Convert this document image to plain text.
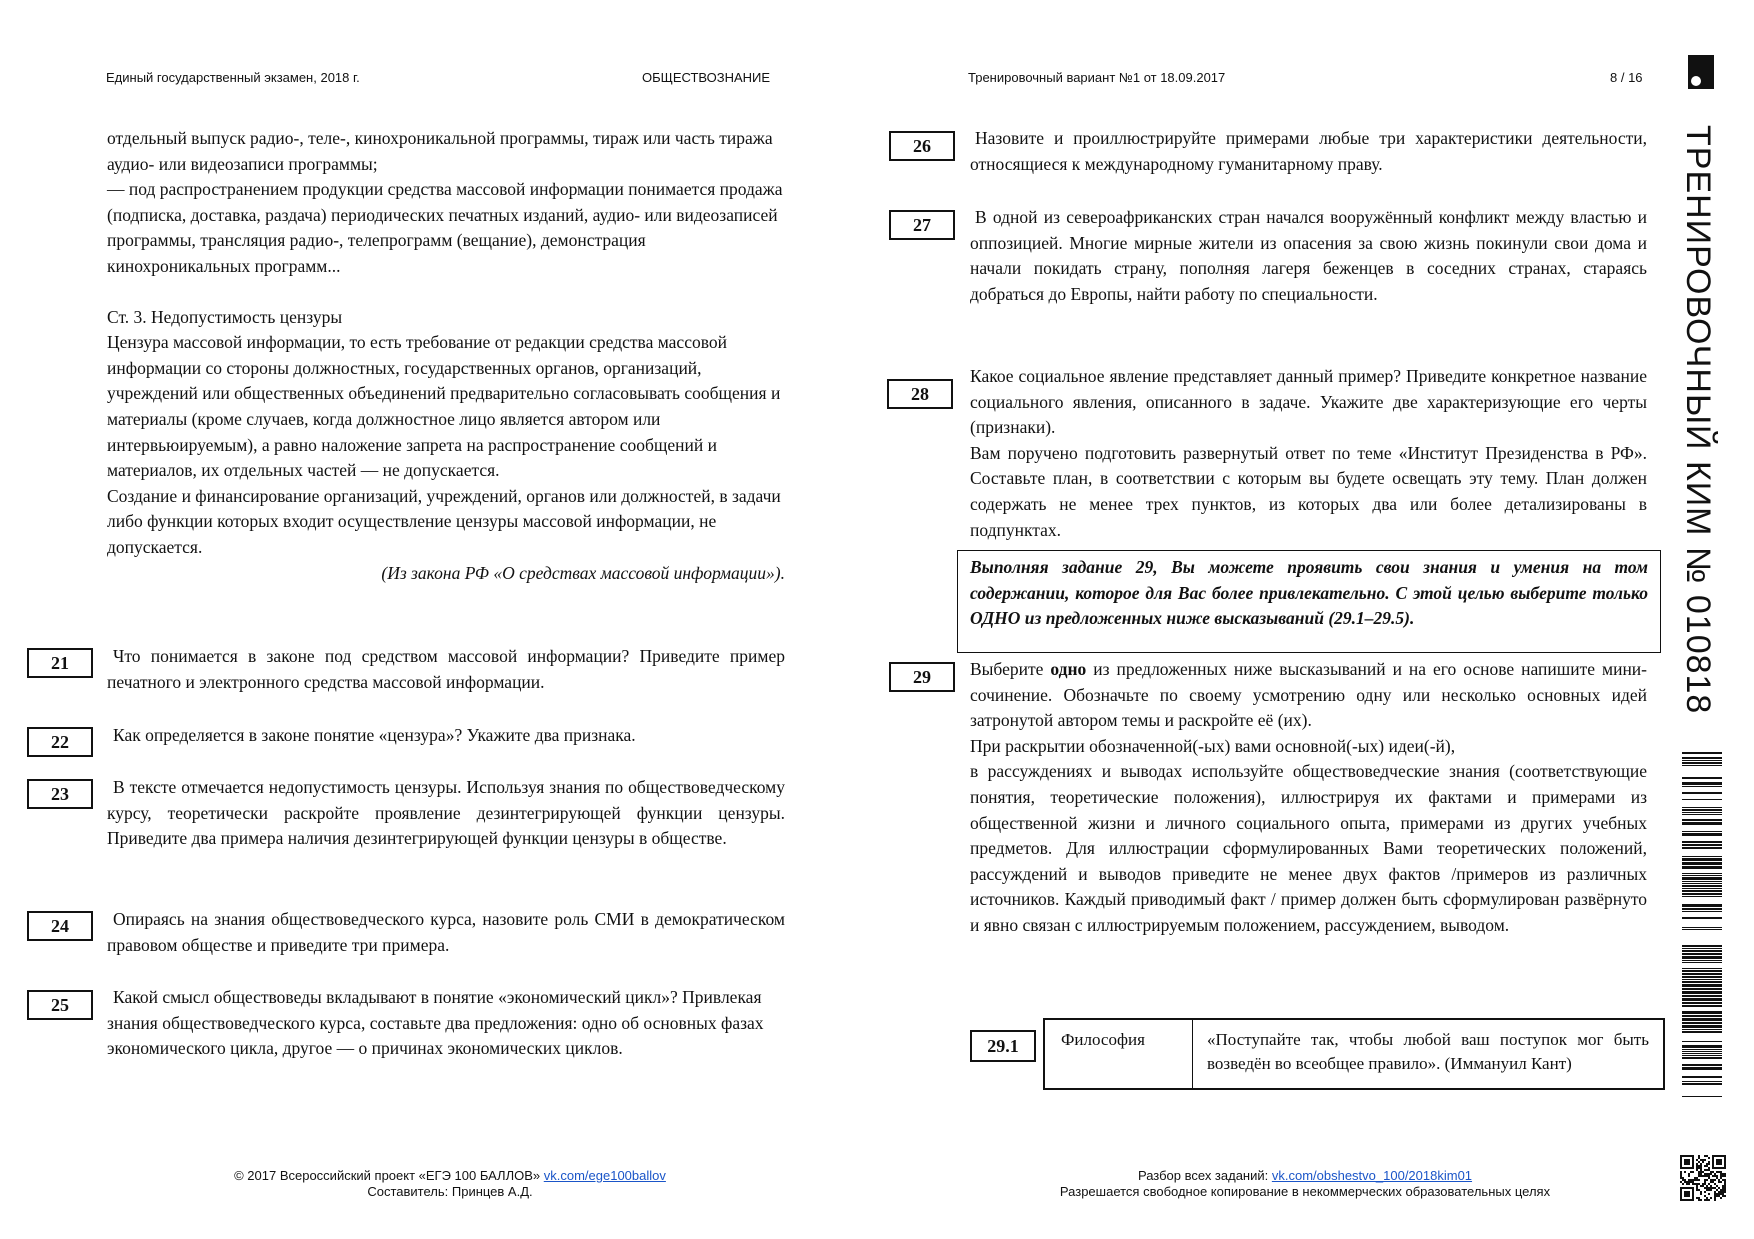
Единый государственный экзамен, 2018 г.	ОБЩЕСТВОЗНАНИЕ	Тренировочный вариант №1 от 18.09.2017	8 / 16
ТРЕНИРОВОЧНЫЙ КИМ № 010818

отдельный выпуск радио-, теле-, кинохроникальной программы, тираж или часть тиража аудио- или видеозаписи программы;

— под распространением продукции средства массовой информации понимается продажа (подписка, доставка, раздача) периодических печатных изданий, аудио- или видеозаписей программы, трансляция радио-, телепрограмм (вещание), демонстрация кинохроникальных программ...

Ст. 3. Недопустимость цензуры

Цензура массовой информации, то есть требование от редакции средства массовой информации со стороны должностных, государственных органов, организаций, учреждений или общественных объединений предварительно согласовывать сообщения и материалы (кроме случаев, когда должностное лицо является автором или интервьюируемым), а равно наложение запрета на распространение сообщений и материалов, их отдельных частей — не допускается.

Создание и финансирование организаций, учреждений, органов или должностей, в задачи либо функции которых входит осуществление цензуры массовой информации, не допускается.

(Из закона РФ «О средствах массовой информации»).

21	Что понимается в законе под средством массовой информации? Приведите пример печатного и электронного средства массовой информации.

22	Как определяется в законе понятие «цензура»? Укажите два признака.

23	В тексте отмечается недопустимость цензуры. Используя знания по обществоведческому курсу, теоретически раскройте проявление дезинтегрирующей функции цензуры. Приведите два примера наличия дезинтегрирующей функции цензуры в обществе.

24	Опираясь на знания обществоведческого курса, назовите роль СМИ в демократическом правовом обществе и приведите три примера.

25	Какой смысл обществоведы вкладывают в понятие «экономический цикл»? Привлекая знания обществоведческого курса, составьте два предложения: одно об основных фазах экономического цикла, другое — о причинах экономических циклов.

26	Назовите и проиллюстрируйте примерами любые три характеристики деятельности, относящиеся к международному гуманитарному праву.

27	В одной из североафриканских стран начался вооружённый конфликт между властью и оппозицией. Многие мирные жители из опасения за свою жизнь покинули свои дома и начали покидать страну, пополняя лагеря беженцев в соседних странах, стараясь добраться до Европы, найти работу по специальности.

28

Какое социальное явление представляет данный пример? Приведите конкретное название социального явления, описанного в задаче. Укажите две характеризующие его черты (признаки).

Вам поручено подготовить развернутый ответ по теме «Институт Президенства в РФ». Составьте план, в соответствии с которым вы будете освещать эту тему. План должен содержать не менее трех пунктов, из которых два или более детализированы в подпунктах.

Выполняя задание 29, Вы можете проявить свои знания и умения на том содержании, которое для Вас более привлекательно. С этой целью выберите только ОДНО из предложенных ниже высказываний (29.1–29.5).
29	Выберите одно из предложенных ниже высказываний и на его основе напишите мини-сочинение. Обозначьте по своему усмотрению одну или несколько основных идей затронутой автором темы и раскройте её (их).

При раскрытии обозначенной(-ых) вами основной(-ых) идеи(-й),

в рассуждениях и выводах используйте обществоведческие знания (соответствующие понятия, теоретические положения), иллюстрируя их фактами и примерами из общественной жизни и личного социального опыта, примерами из других учебных предметов. Для иллюстрации сформулированных Вами теоретических положений, рассуждений и выводов приведите не менее двух фактов /примеров из различных источников. Каждый приводимый факт / пример должен быть сформулирован развёрнуто и явно связан с иллюстрируемым положением, рассуждением, выводом.

29.1	Философия	«Поступайте так, чтобы любой ваш поступок мог быть возведён во всеобщее правило». (Иммануил Кант)
© 2017 Всероссийский проект «ЕГЭ 100 БАЛЛОВ» vk.com/ege100ballov
Составитель: Принцев А.Д.
Разбор всех заданий: vk.com/obshestvo_100/2018kim01
Разрешается свободное копирование в некоммерческих образовательных целях
